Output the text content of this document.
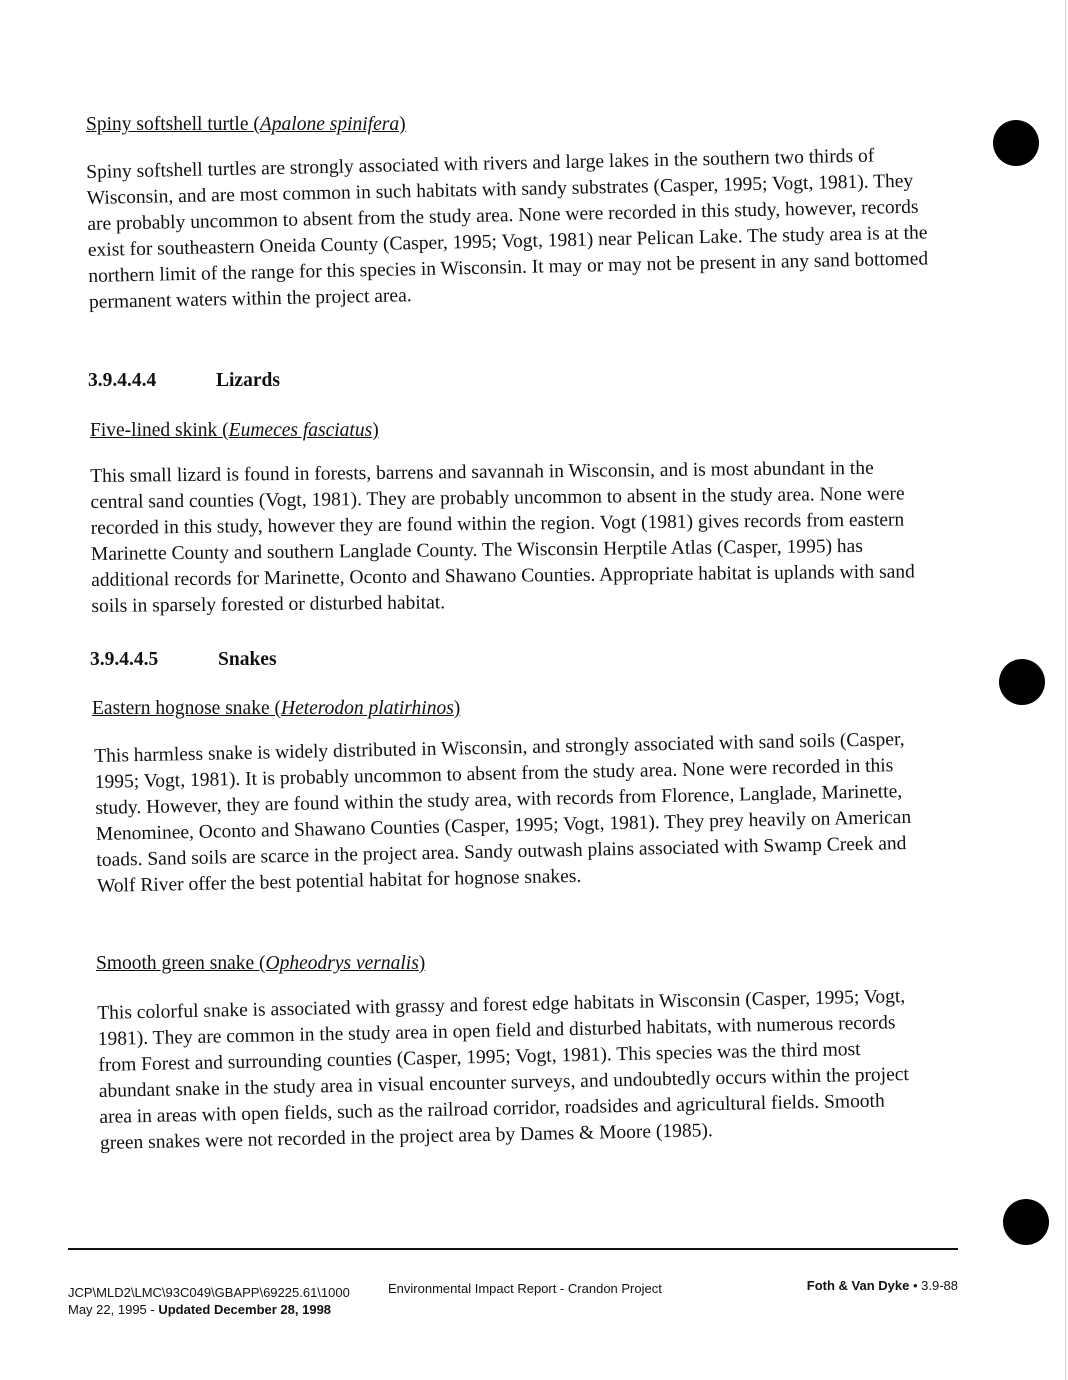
Spiny softshell turtle (Apalone spinifera)
Spiny softshell turtles are strongly associated with rivers and large lakes in the southern two thirds of Wisconsin, and are most common in such habitats with sandy substrates (Casper, 1995; Vogt, 1981). They are probably uncommon to absent from the study area. None were recorded in this study, however, records exist for southeastern Oneida County (Casper, 1995; Vogt, 1981) near Pelican Lake. The study area is at the northern limit of the range for this species in Wisconsin. It may or may not be present in any sand bottomed permanent waters within the project area.
3.9.4.4.4	Lizards
Five-lined skink (Eumeces fasciatus)
This small lizard is found in forests, barrens and savannah in Wisconsin, and is most abundant in the central sand counties (Vogt, 1981). They are probably uncommon to absent in the study area. None were recorded in this study, however they are found within the region. Vogt (1981) gives records from eastern Marinette County and southern Langlade County. The Wisconsin Herptile Atlas (Casper, 1995) has additional records for Marinette, Oconto and Shawano Counties. Appropriate habitat is uplands with sand soils in sparsely forested or disturbed habitat.
3.9.4.4.5	Snakes
Eastern hognose snake (Heterodon platirhinos)
This harmless snake is widely distributed in Wisconsin, and strongly associated with sand soils (Casper, 1995; Vogt, 1981). It is probably uncommon to absent from the study area. None were recorded in this study. However, they are found within the study area, with records from Florence, Langlade, Marinette, Menominee, Oconto and Shawano Counties (Casper, 1995; Vogt, 1981). They prey heavily on American toads. Sand soils are scarce in the project area. Sandy outwash plains associated with Swamp Creek and Wolf River offer the best potential habitat for hognose snakes.
Smooth green snake (Opheodrys vernalis)
This colorful snake is associated with grassy and forest edge habitats in Wisconsin (Casper, 1995; Vogt, 1981). They are common in the study area in open field and disturbed habitats, with numerous records from Forest and surrounding counties (Casper, 1995; Vogt, 1981). This species was the third most abundant snake in the study area in visual encounter surveys, and undoubtedly occurs within the project area in areas with open fields, such as the railroad corridor, roadsides and agricultural fields. Smooth green snakes were not recorded in the project area by Dames & Moore (1985).
JCP\MLD2\LMC\93C049\GBAPP\69225.61\1000
May 22, 1995 - Updated December 28, 1998
Environmental Impact Report - Crandon Project	Foth & Van Dyke • 3.9-88
